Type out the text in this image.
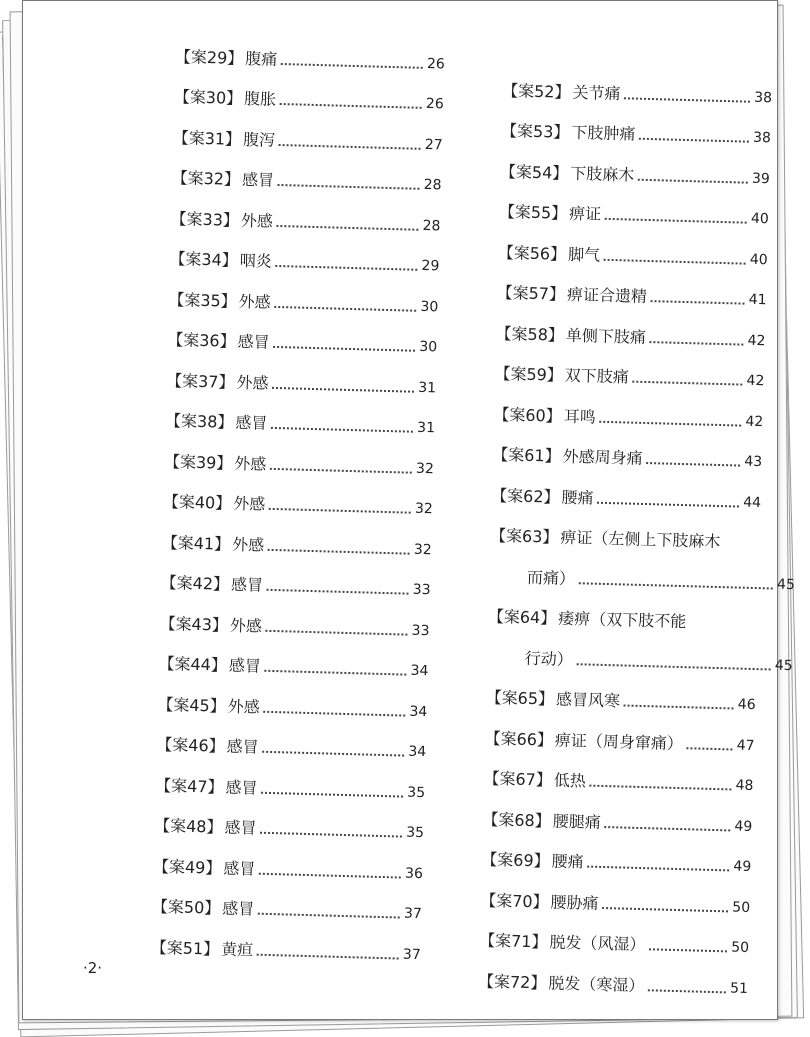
【案29】 腹痛	26
【案30】 腹胀	26
【案31】 腹泻	27
【案32】 感冒	28
【案33】 外感	28
【案34】 咽炎	29
【案35】 外感	30
【案36】 感冒	30
【案37】 外感	31
【案38】 感冒	31
【案39】 外感	32
【案40】 外感	32
【案41】 外感	32
【案42】 感冒	33
【案43】 外感	33
【案44】 感冒	34
【案45】 外感	34
【案46】 感冒	34
【案47】 感冒	35
【案48】 感冒	35
【案49】 感冒	36
【案50】 感冒	37
【案51】 黄疸	37
【案52】 关节痛	38
【案53】 下肢肿痛	38
【案54】 下肢麻木	39
【案55】 痹证	40
【案56】 脚气	40
【案57】 痹证合遗精	41
【案58】 单侧下肢痛	42
【案59】 双下肢痛	42
【案60】 耳鸣	42
【案61】 外感周身痛	43
【案62】 腰痛	44
【案63】 痹证（左侧上下肢麻木
而痛）	45
【案64】 痿痹（双下肢不能
行动）	45
【案65】 感冒风寒	46
【案66】 痹证（周身窜痛）	47
【案67】 低热	48
【案68】 腰腿痛	49
【案69】 腰痛	49
【案70】 腰胁痛	50
【案71】 脱发（风湿）	50
【案72】 脱发（寒湿）	51
·2·
